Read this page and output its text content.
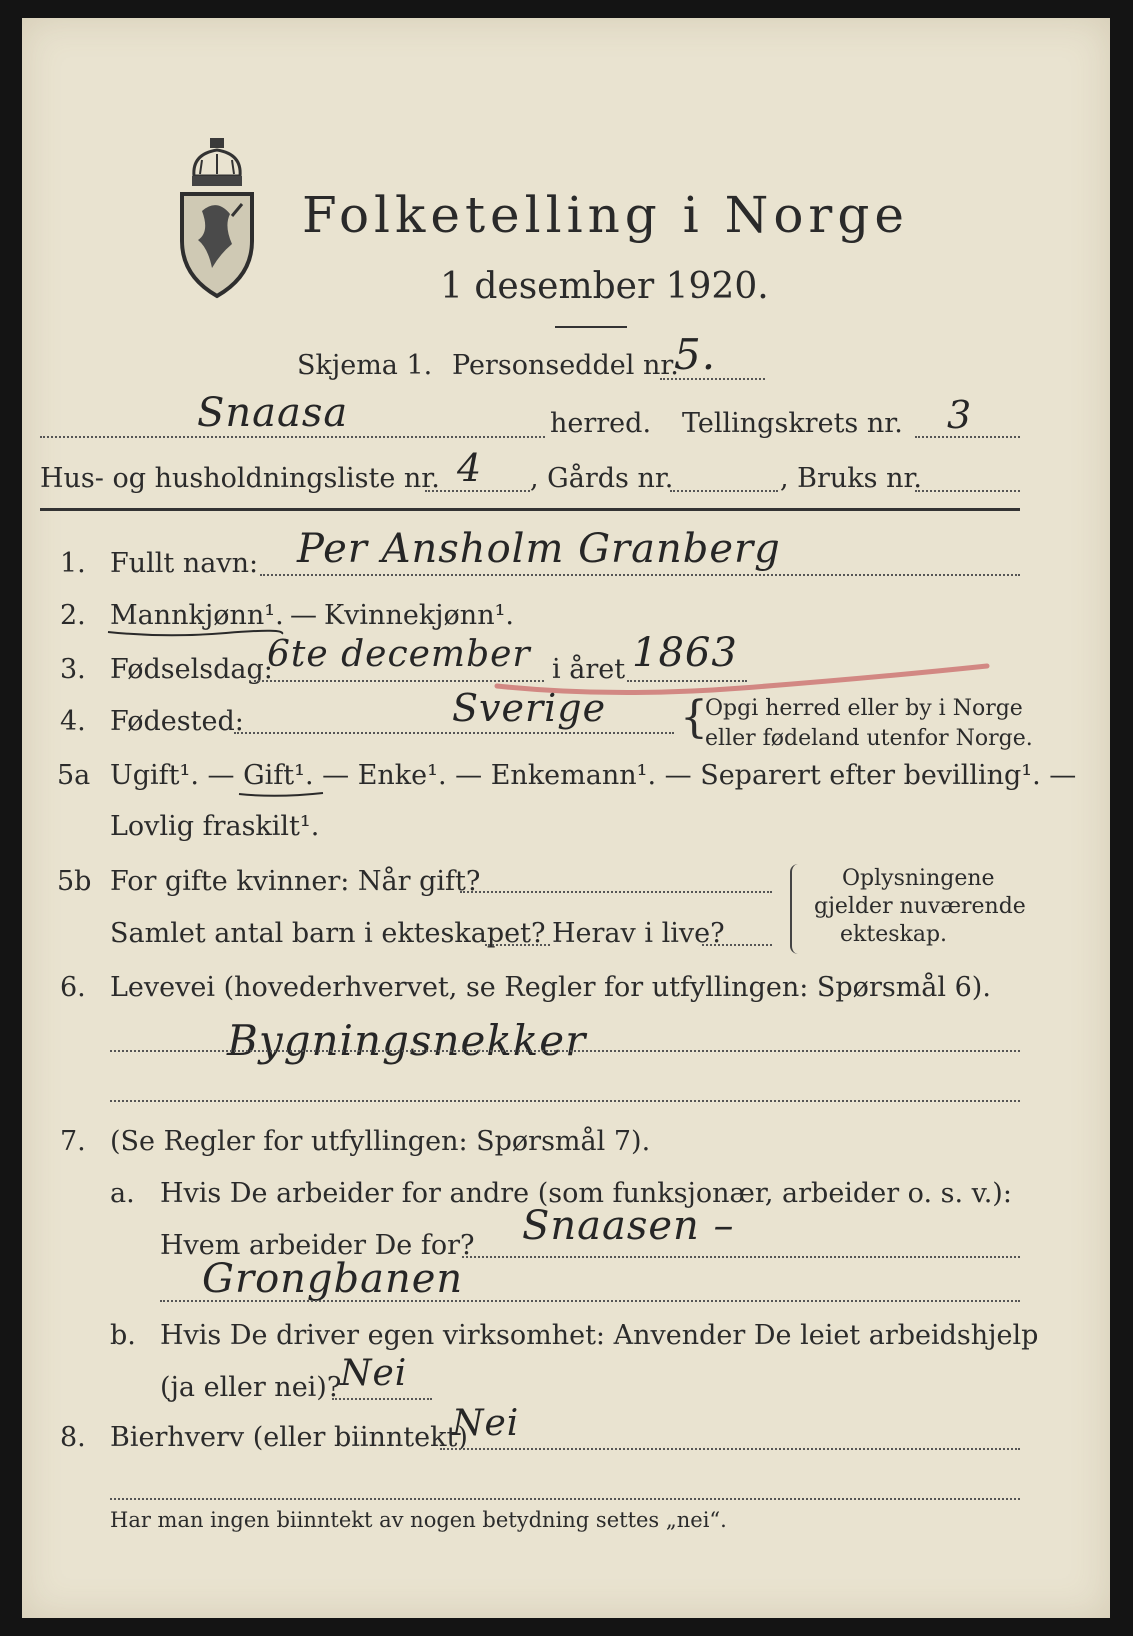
Folketelling i Norge
1 desember 1920.
Skjema 1. Personseddel nr.
5.
Snaasa	herred. Tellingskrets nr. 3
Hus- og husholdningsliste nr. 4 , Gårds nr.	, Bruks nr.
1. Fullt navn: Per Ansholm Granberg
2. Mannkjønn¹. — Kvinnekjønn¹.
3. Fødselsdag:
6te december i året 1863
4. Fødested:	Sverige {
Opgi herred eller by i Norge
eller fødeland utenfor Norge.
5a Ugift¹. — Gift¹. — Enke¹. — Enkemann¹. — Separert efter bevilling¹. —
Lovlig fraskilt¹.
5b For gifte kvinner: Når gift?
Samlet antal barn i ekteskapet? Herav i live?
Oplysningene
gjelder nuværende
ekteskap.
6. Levevei (hovederhvervet, se Regler for utfyllingen: Spørsmål 6).
Bygningsnekker
7. (Se Regler for utfyllingen: Spørsmål 7).
a. Hvis De arbeider for andre (som funksjonær, arbeider o. s. v.):
Hvem arbeider De for? Snaasen –
Grongbanen
b. Hvis De driver egen virksomhet: Anvender De leiet arbeidshjelp
(ja eller nei)?
Nei
8. Bierhverv (eller biinntekt)
Nei
Har man ingen biinntekt av nogen betydning settes „nei“.
